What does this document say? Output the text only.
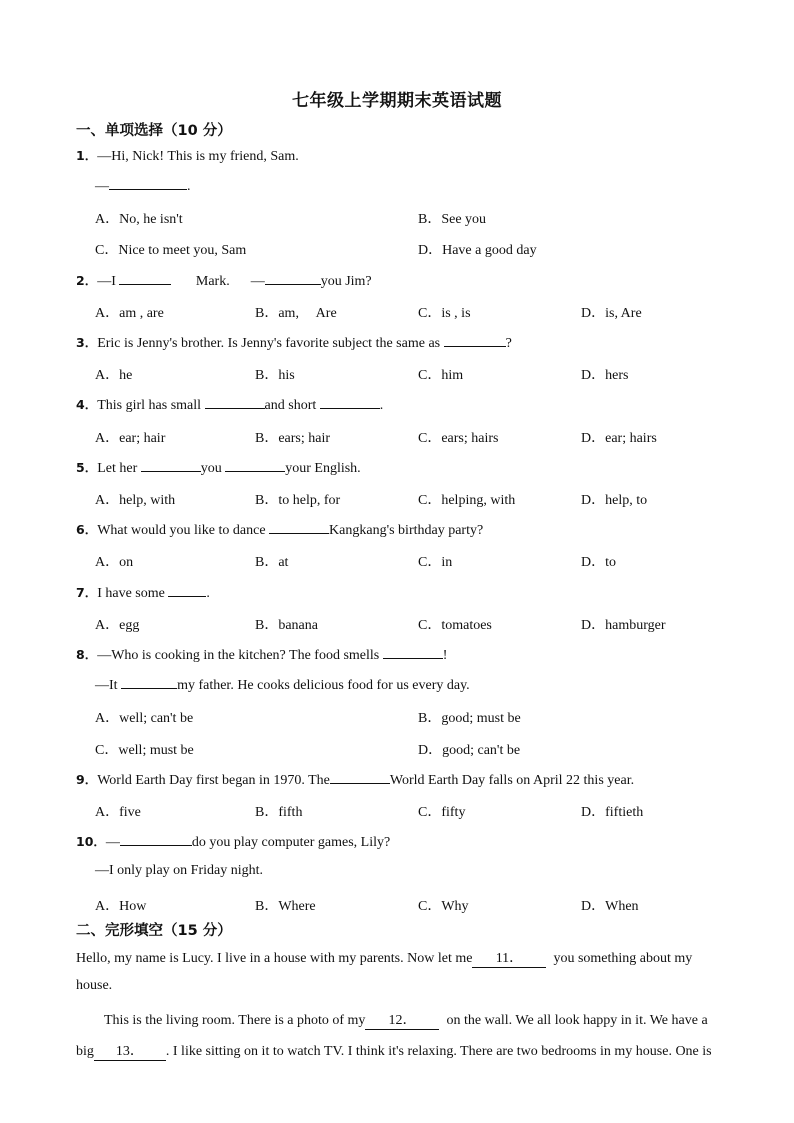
七年级上学期期末英语试题
一、单项选择（10 分）
1．—Hi, Nick! This is my friend, Sam.
—	.
A．No, he isn't	B．See you
C．Nice to meet you, Sam	D．Have a good day
2．—I	Mark. —	you Jim?
A．am , are	B．am,　 Are	C．is , is	D．is, Are
3．Eric is Jenny's brother. Is Jenny's favorite subject the same as	?
A．he	B．his	C．him	D．hers
4．This girl has small	and short	.
A．ear; hair	B．ears; hair	C．ears; hairs	D．ear; hairs
5．Let her	you	your English.
A．help, with	B．to help, for	C．helping, with	D．help, to
6．What would you like to dance	Kangkang's birthday party?
A．on	B．at	C．in	D．to
7．I have some	.
A．egg	B．banana	C．tomatoes	D．hamburger
8．—Who is cooking in the kitchen? The food smells	!
—It	my father. He cooks delicious food for us every day.
A．well; can't be	B．good; must be
C．well; must be	D．good; can't be
9．World Earth Day first began in 1970. The	World Earth Day falls on April 22 this year.
A．five	B．fifth	C．fifty	D．fiftieth
10．—	do you play computer games, Lily?
—I only play on Friday night.
A．How	B．Where	C．Why	D．When
二、完形填空（15 分）
Hello, my name is Lucy. I live in a house with my parents. Now let me 11． you something about my
house.
This is the living room. There is a photo of my 12． on the wall. We all look happy in it. We have a
big 13． . I like sitting on it to watch TV. I think it's relaxing. There are two bedrooms in my house. One is
